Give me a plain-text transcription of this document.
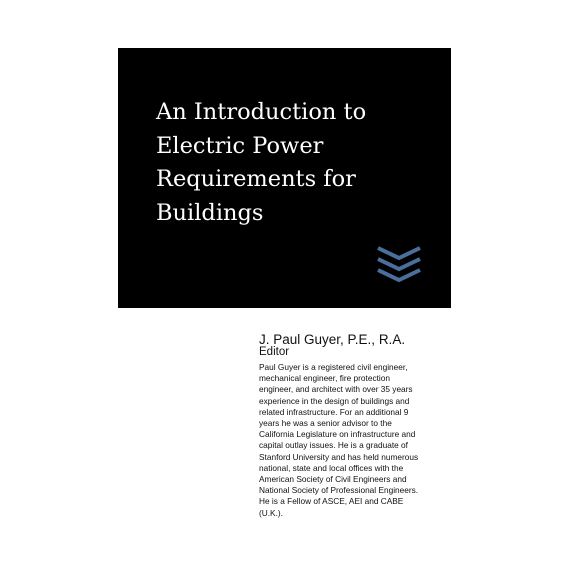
An Introduction to
Electric Power
Requirements for
Buildings

J. Paul Guyer, P.E., R.A.

Editor

Paul Guyer is a registered civil engineer,
mechanical engineer, fire protection
engineer, and architect with over 35 years
experience in the design of buildings and
related infrastructure. For an additional 9
years he was a senior advisor to the
California Legislature on infrastructure and
capital outlay issues. He is a graduate of
Stanford University and has held numerous
national, state and local offices with the
American Society of Civil Engineers and
National Society of Professional Engineers.
He is a Fellow of ASCE, AEI and CABE
(U.K.).
